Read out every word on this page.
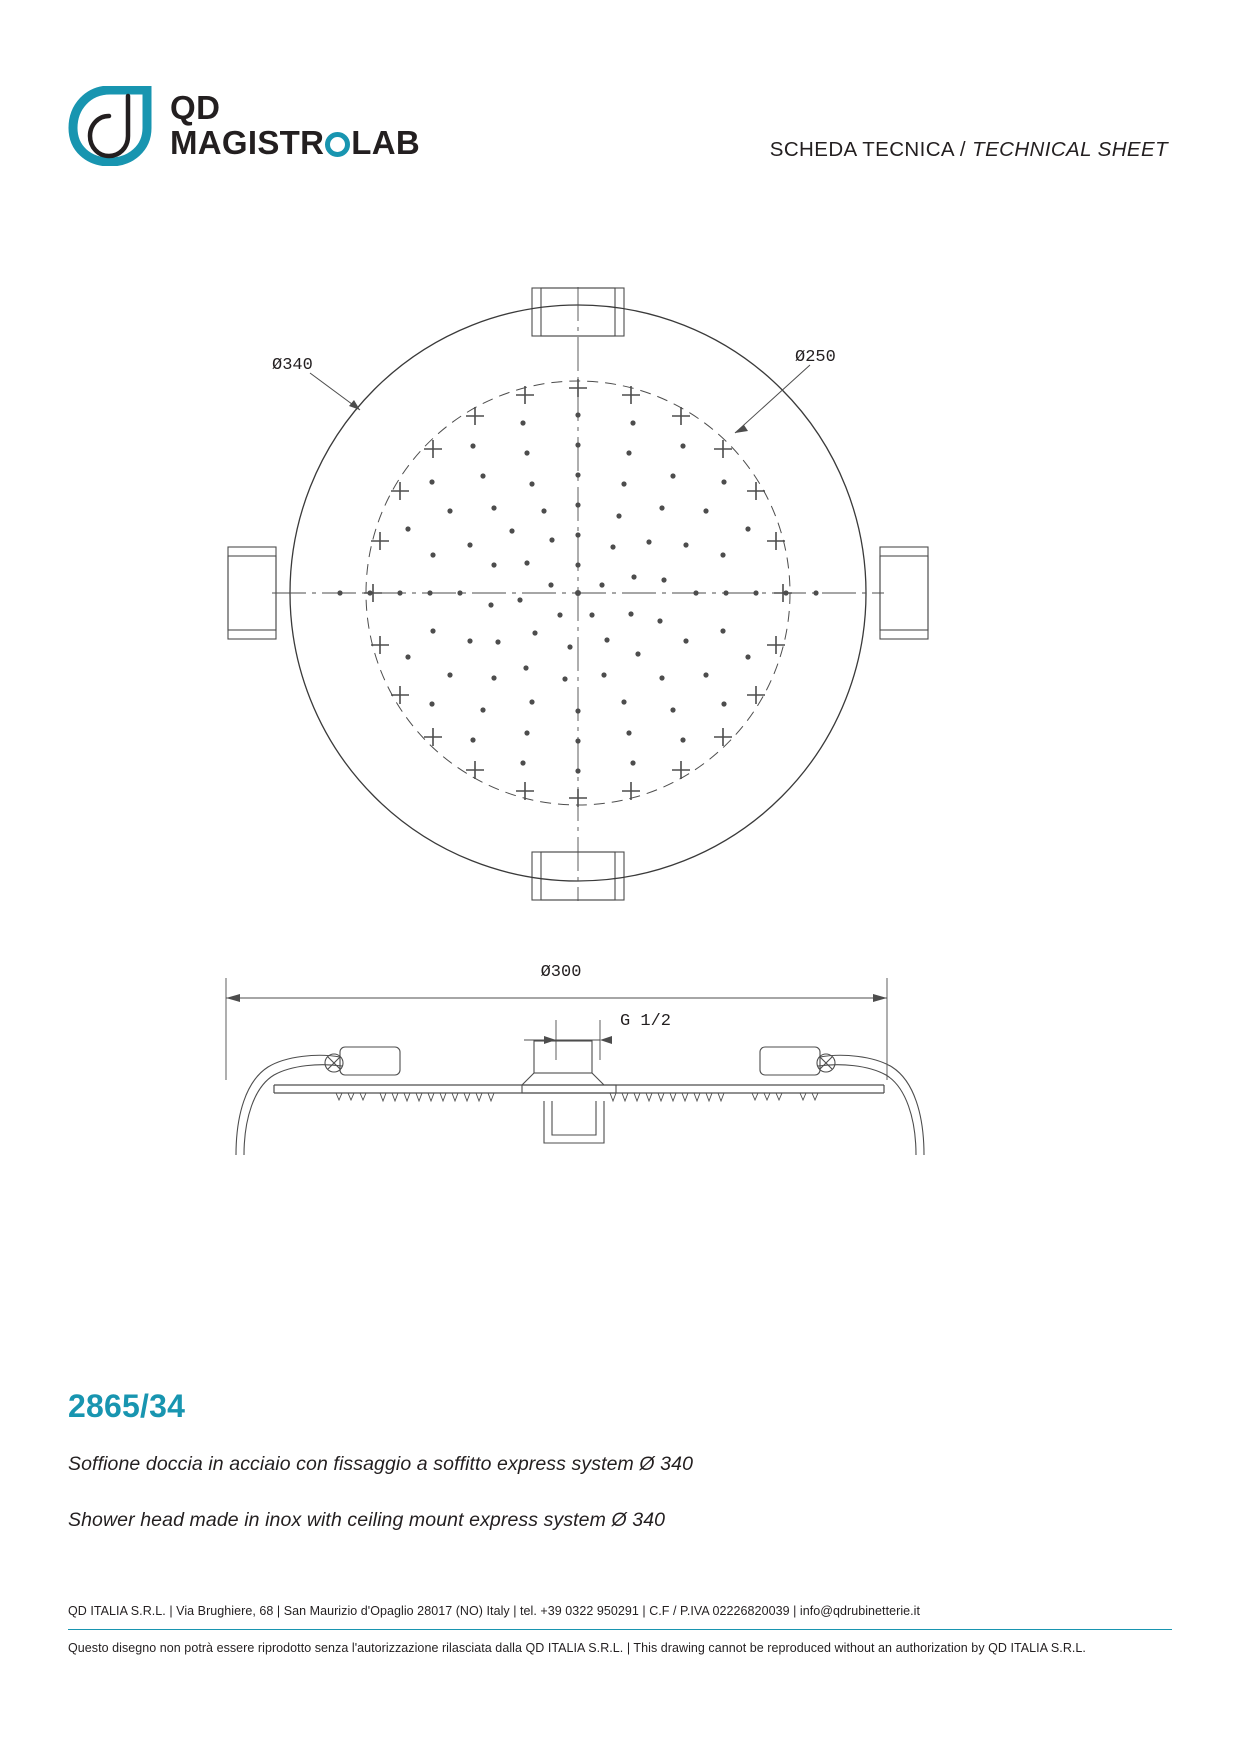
QD
MAGISTR LAB	SCHEDA TECNICA / TECHNICAL SHEET
Ø340	Ø250
Ø300
G 1/2
2865/34
Soffione doccia in acciaio con fissaggio a soffitto express system Ø 340
Shower head made in inox with ceiling mount express system Ø 340
QD ITALIA S.R.L. | Via Brughiere, 68 | San Maurizio d'Opaglio 28017 (NO) Italy | tel. +39 0322 950291 | C.F / P.IVA 02226820039 | info@qdrubinetterie.it
Questo disegno non potrà essere riprodotto senza l'autorizzazione rilasciata dalla QD ITALIA S.R.L. | This drawing cannot be reproduced without an authorization by QD ITALIA S.R.L.
